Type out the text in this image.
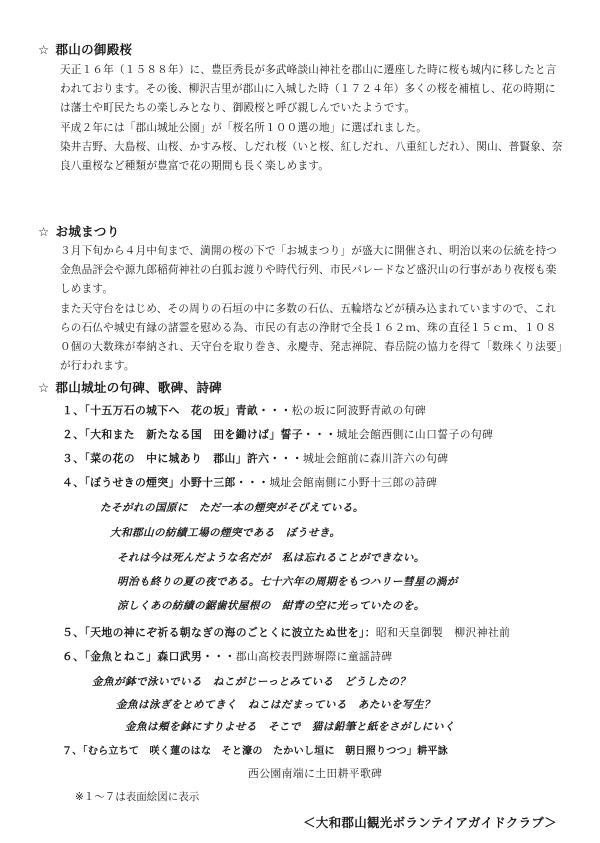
☆ 郡山の御殿桜

天正１６年（１５８８年）に、豊臣秀長が多武峰談山神社を郡山に遷座した時に桜も城内に移したと言われております。その後、柳沢吉里が郡山に入城した時（１７２４年）多くの桜を補植し、花の時期には藩士や町民たちの楽しみとなり、御殿桜と呼び親しんでいたようです。

平成２年には「郡山城址公園」が「桜名所１００選の地」に選ばれました。

染井吉野、大島桜、山桜、かすみ桜、しだれ桜（いと桜、紅しだれ、八重紅しだれ）、関山、普賢象、奈良八重桜など種類が豊富で花の期間も長く楽しめます。

☆ お城まつり

３月下旬から４月中旬まで、満開の桜の下で「お城まつり」が盛大に開催され、明治以来の伝統を持つ金魚品評会や源九郎稲荷神社の白狐お渡りや時代行列、市民パレードなど盛沢山の行事があり夜桜も楽しめます。

また天守台をはじめ、その周りの石垣の中に多数の石仏、五輪塔などが積み込まれていますので、これらの石仏や城史有縁の諸霊を慰める為、市民の有志の浄財で全長１６２ｍ、珠の直径１５ｃｍ、１０８０個の大数珠が奉納され、天守台を取り巻き、永慶寺、発志禅院、春岳院の協力を得て「数珠くり法要」が行われます。

☆ 郡山城址の句碑、歌碑、詩碑
１、「十五万石の城下へ　花の坂」青畝・・・松の坂に阿波野青畝の句碑
２、「大和また　新たなる国　田を鋤けば」誓子・・・城址会館西側に山口誓子の句碑
３、「菜の花の　中に城あり　郡山」許六・・・城址会館前に森川許六の句碑
４、「ぼうせきの煙突」小野十三郎・・・城址会館南側に小野十三郎の詩碑
たそがれの国原に　ただ一本の煙突がそびえている。
大和郡山の紡績工場の煙突である　ぼうせき。
それは今は死んだような名だが　私は忘れることができない。
明治も終りの夏の夜である。七十六年の周期をもつハリー彗星の渦が
涼しくあの紡績の鋸歯状屋根の　紺青の空に光っていたのを。
５、「天地の神にぞ祈る朝なぎの海のごとくに波立たぬ世を」：昭和天皇御製　柳沢神社前
６、「金魚とねこ」森口武男・・・郡山高校表門跡塀際に童謡詩碑
金魚が鉢で泳いでいる　ねこがじーっとみている　どうしたの？
金魚は泳ぎをとめてきく　ねこはだまっている　あたいを写生？
金魚は頬を鉢にすりよせる　そこで　猫は鉛筆と紙をさがしにいく
７、「むら立ちて　咲く蓮のはな　そと濠の　たかいし垣に　朝日照りつつ」耕平詠
西公園南端に土田耕平歌碑
※１～７は表面絵図に表示
＜大和郡山観光ボランテイアガイドクラブ＞
